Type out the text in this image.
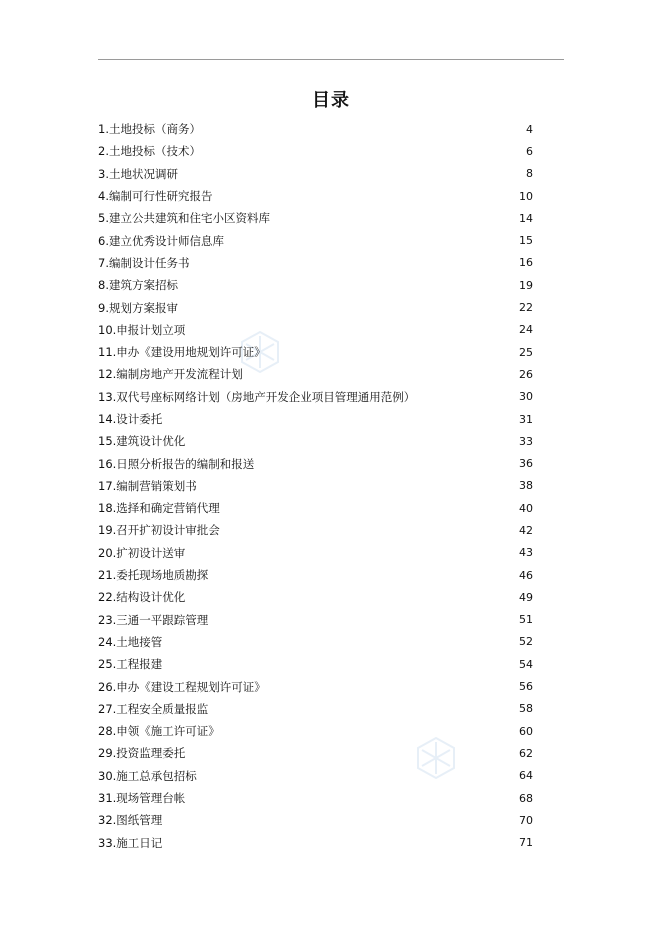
目录
1. 土地投标（商务）	4
2. 土地投标（技术）	6
3. 土地状况调研	8
4. 编制可行性研究报告	10
5. 建立公共建筑和住宅小区资料库	14
6. 建立优秀设计师信息库	15
7. 编制设计任务书	16
8. 建筑方案招标	19
9. 规划方案报审	22
10. 申报计划立项	24
11. 申办《建设用地规划许可证》	25
12. 编制房地产开发流程计划	26
13. 双代号座标网络计划（房地产开发企业项目管理通用范例）	30
14. 设计委托	31
15. 建筑设计优化	33
16. 日照分析报告的编制和报送	36
17. 编制营销策划书	38
18. 选择和确定营销代理	40
19. 召开扩初设计审批会	42
20. 扩初设计送审	43
21. 委托现场地质勘探	46
22. 结构设计优化	49
23. 三通一平跟踪管理	51
24. 土地接管	52
25. 工程报建	54
26. 申办《建设工程规划许可证》	56
27. 工程安全质量报监	58
28. 申领《施工许可证》	60
29. 投资监理委托	62
30. 施工总承包招标	64
31. 现场管理台帐	68
32. 图纸管理	70
33. 施工日记	71
